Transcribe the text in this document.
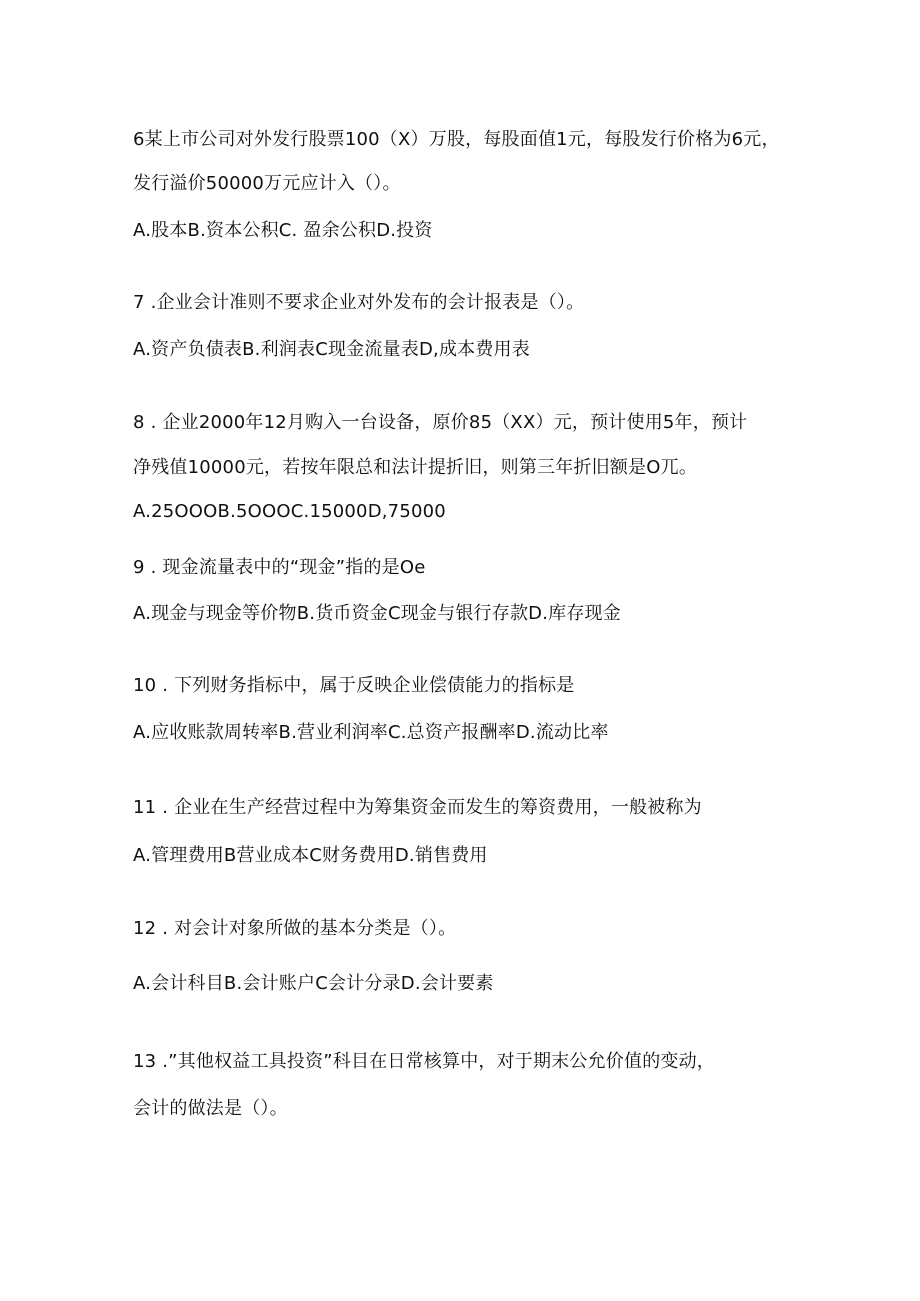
6某上市公司对外发行股票100（X）万股，每股面值1元，每股发行价格为6元，
发行溢价50000万元应计入（）。
A.股本B.资本公积C. 盈余公积D.投资
7 .企业会计准则不要求企业对外发布的会计报表是（）。
A.资产负债表B.利润表C现金流量表D,成本费用表
8 . 企业2000年12月购入一台设备，原价85（XX）元，预计使用5年，预计
净残值10000元，若按年限总和法计提折旧，则第三年折旧额是O兀。
A.25OOOB.5OOOC.15000D,75000
9 . 现金流量表中的“现金”指的是Oe
A.现金与现金等价物B.货币资金C现金与银行存款D.库存现金
10 . 下列财务指标中，属于反映企业偿债能力的指标是
A.应收账款周转率B.营业利润率C.总资产报酬率D.流动比率
11 . 企业在生产经营过程中为筹集资金而发生的筹资费用，一般被称为
A.管理费用B营业成本C财务费用D.销售费用
12 . 对会计对象所做的基本分类是（）。
A.会计科目B.会计账户C会计分录D.会计要素
13 .”其他权益工具投资”科目在日常核算中，对于期末公允价值的变动，
会计的做法是（）。
